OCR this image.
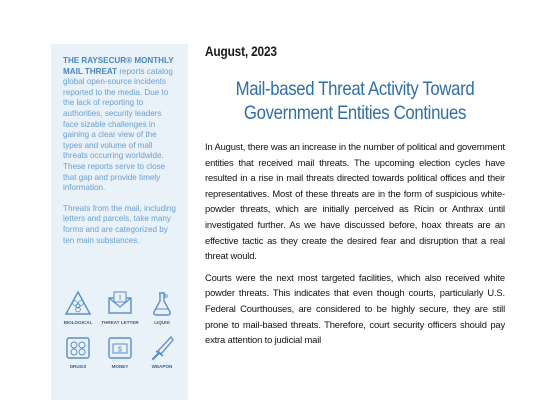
THE RAYSECUR® MONTHLY MAIL THREAT reports catalog global open-source incidents reported to the media. Due to the lack of reporting to authorities, security leaders face sizable challenges in gaining a clear view of the types and volume of mall threats occurring worldwide. These reports serve to close that gap and provide timely information.

Threats from the mail, including letters and parcels, take many forms and are categorized by ten main substances.

BIOLOGICAL
!
THREAT LETTER	LIQUID
DRUGS
$
MONEY	WEAPON
August, 2023
Mail-based Threat Activity Toward Government Entities Continues

In August, there was an increase in the number of political and government entities that received mail threats. The upcoming election cycles have resulted in a rise in mail threats directed towards political offices and their representatives. Most of these threats are in the form of suspicious white-powder threats, which are initially perceived as Ricin or Anthrax until investigated further. As we have discussed before, hoax threats are an effective tactic as they create the desired fear and disruption that a real threat would.

Courts were the next most targeted facilities, which also received white powder threats. This indicates that even though courts, particularly U.S. Federal Courthouses, are considered to be highly secure, they are still prone to mail-based threats. Therefore, court security officers should pay extra attention to judicial mail
